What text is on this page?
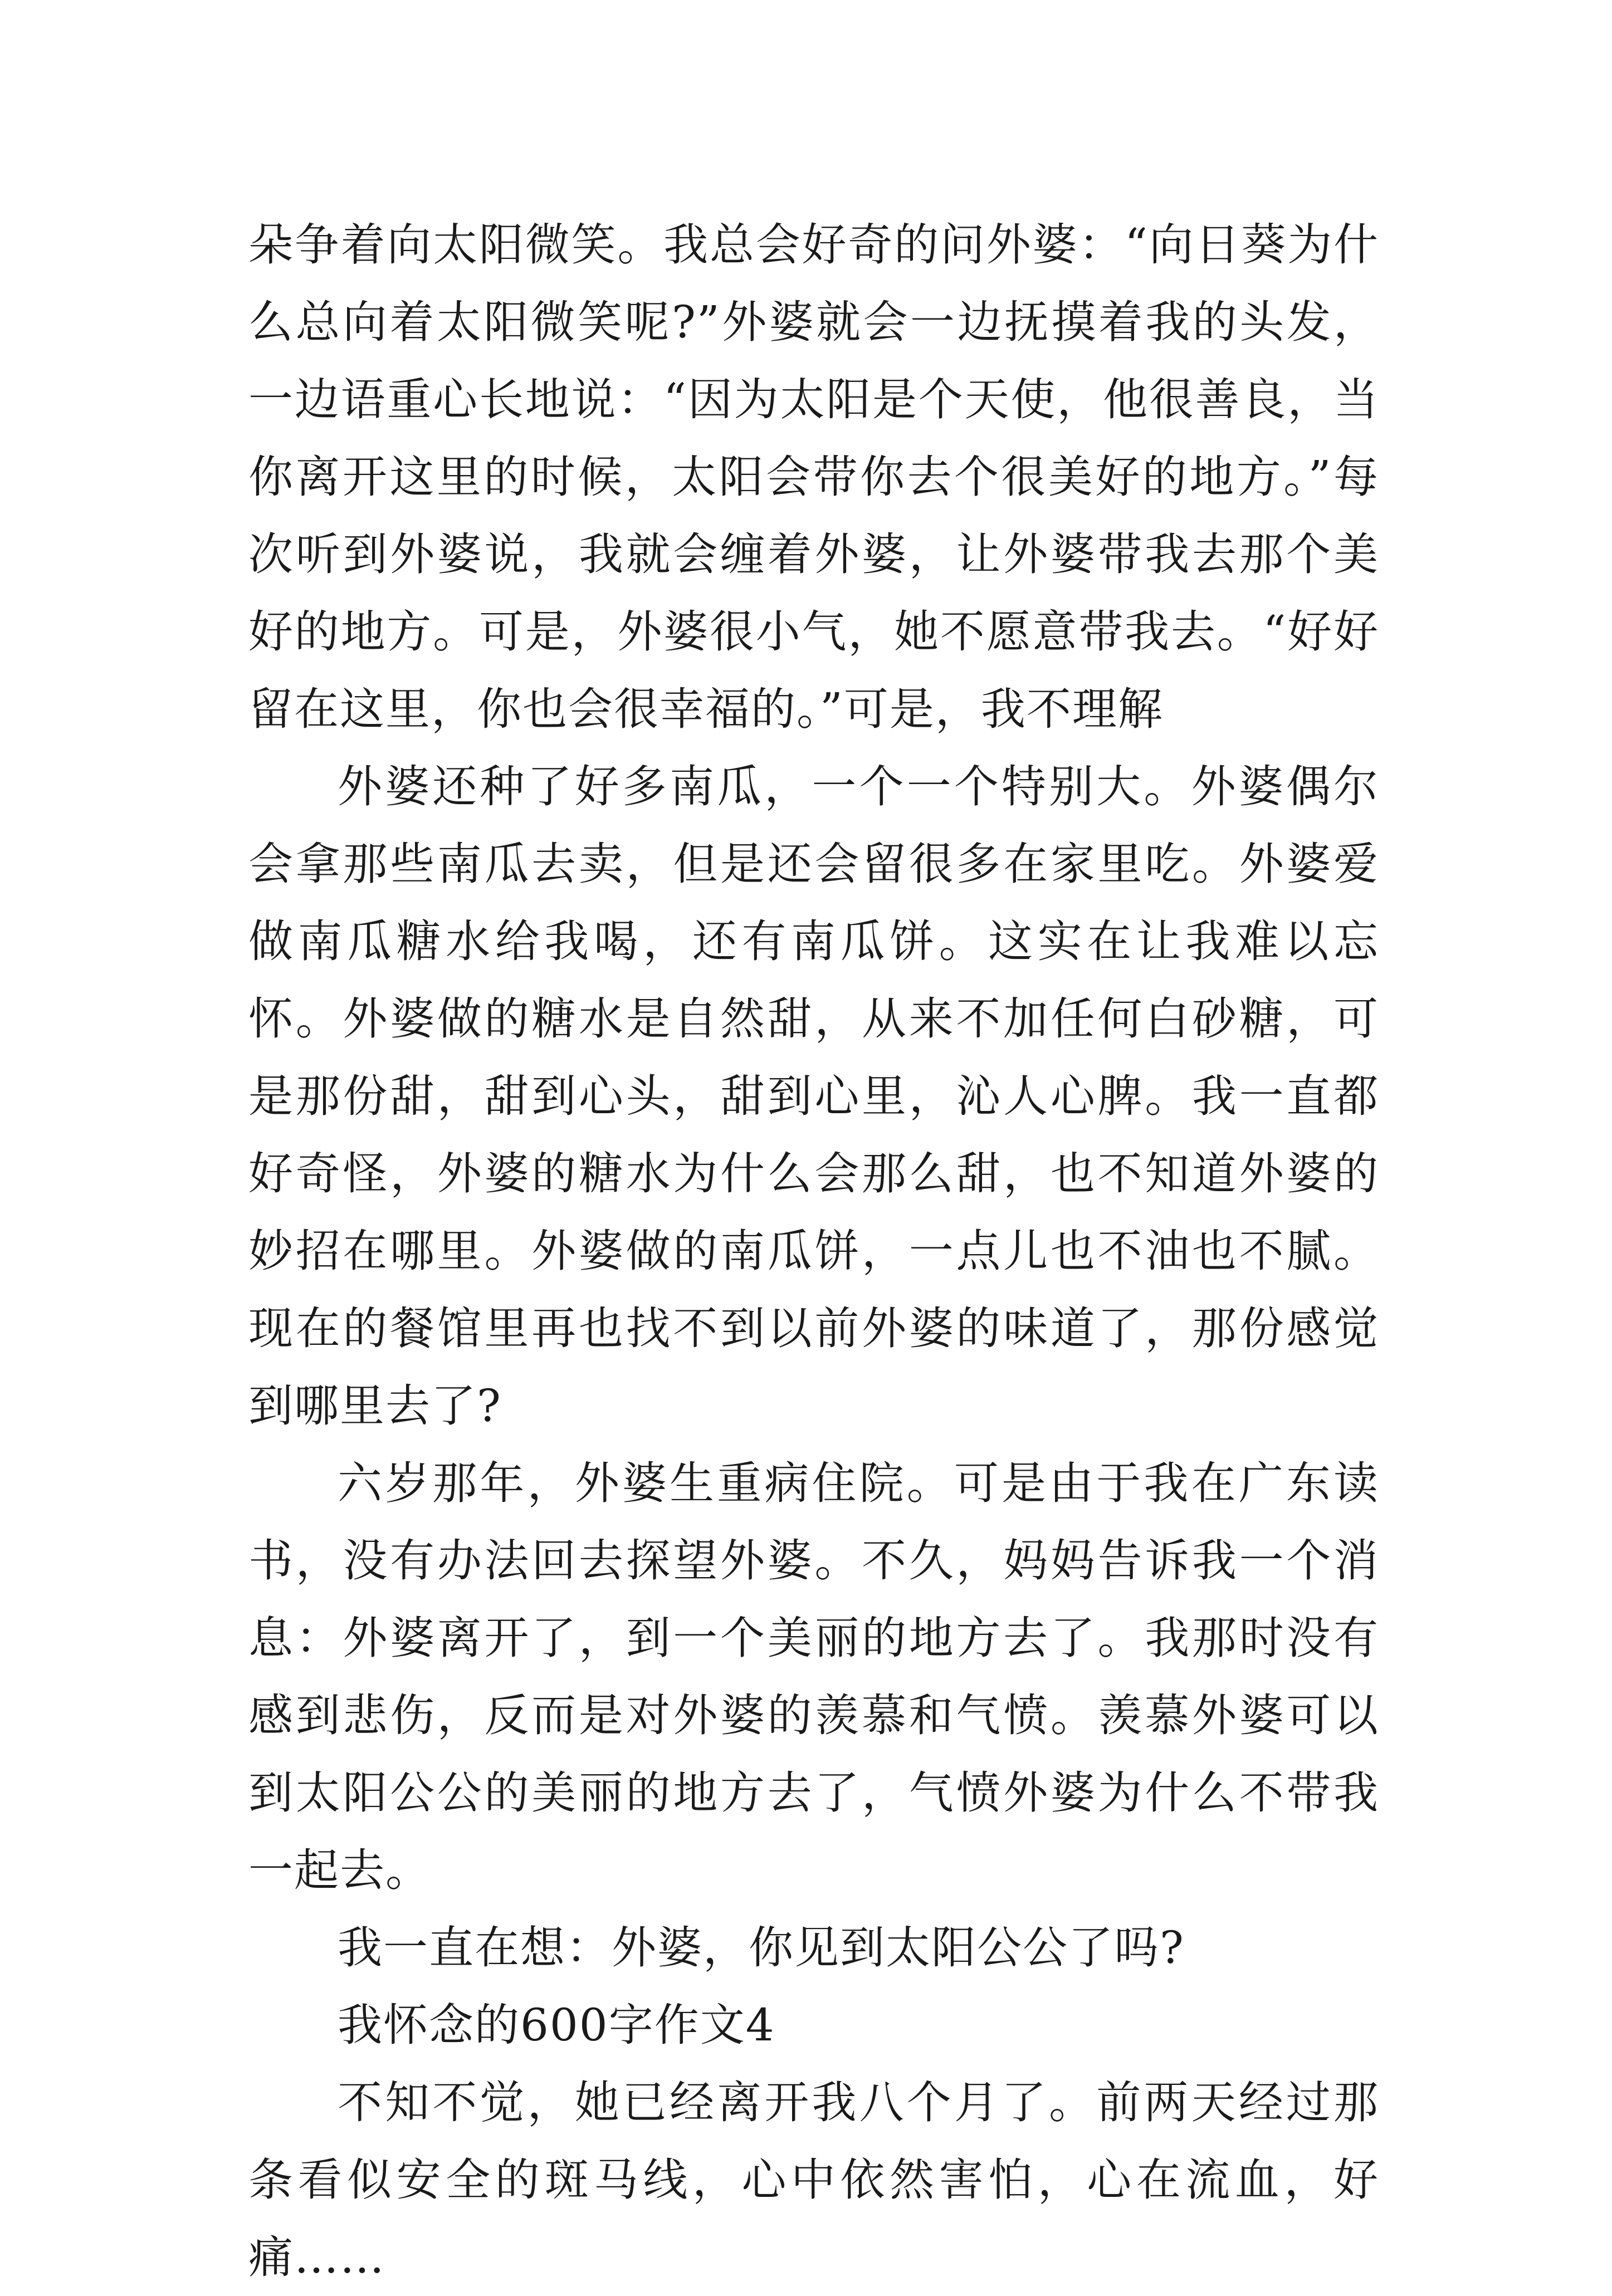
朵争着向太阳微笑。我总会好奇的问外婆：“向日葵为什么总向着太阳微笑呢?”外婆就会一边抚摸着我的头发，一边语重心长地说：“因为太阳是个天使，他很善良，当你离开这里的时候，太阳会带你去个很美好的地方。”每次听到外婆说，我就会缠着外婆，让外婆带我去那个美好的地方。可是，外婆很小气，她不愿意带我去。“好好留在这里，你也会很幸福的。”可是，我不理解

外婆还种了好多南瓜，一个一个特别大。外婆偶尔会拿那些南瓜去卖，但是还会留很多在家里吃。外婆爱做南瓜糖水给我喝，还有南瓜饼。这实在让我难以忘怀。外婆做的糖水是自然甜，从来不加任何白砂糖，可是那份甜，甜到心头，甜到心里，沁人心脾。我一直都好奇怪，外婆的糖水为什么会那么甜，也不知道外婆的妙招在哪里。外婆做的南瓜饼，一点儿也不油也不腻。现在的餐馆里再也找不到以前外婆的味道了，那份感觉到哪里去了?

六岁那年，外婆生重病住院。可是由于我在广东读书，没有办法回去探望外婆。不久，妈妈告诉我一个消息：外婆离开了，到一个美丽的地方去了。我那时没有感到悲伤，反而是对外婆的羡慕和气愤。羡慕外婆可以到太阳公公的美丽的地方去了，气愤外婆为什么不带我一起去。

我一直在想：外婆，你见到太阳公公了吗?

我怀念的600字作文4

不知不觉，她已经离开我八个月了。前两天经过那条看似安全的斑马线，心中依然害怕，心在流血，好痛……
